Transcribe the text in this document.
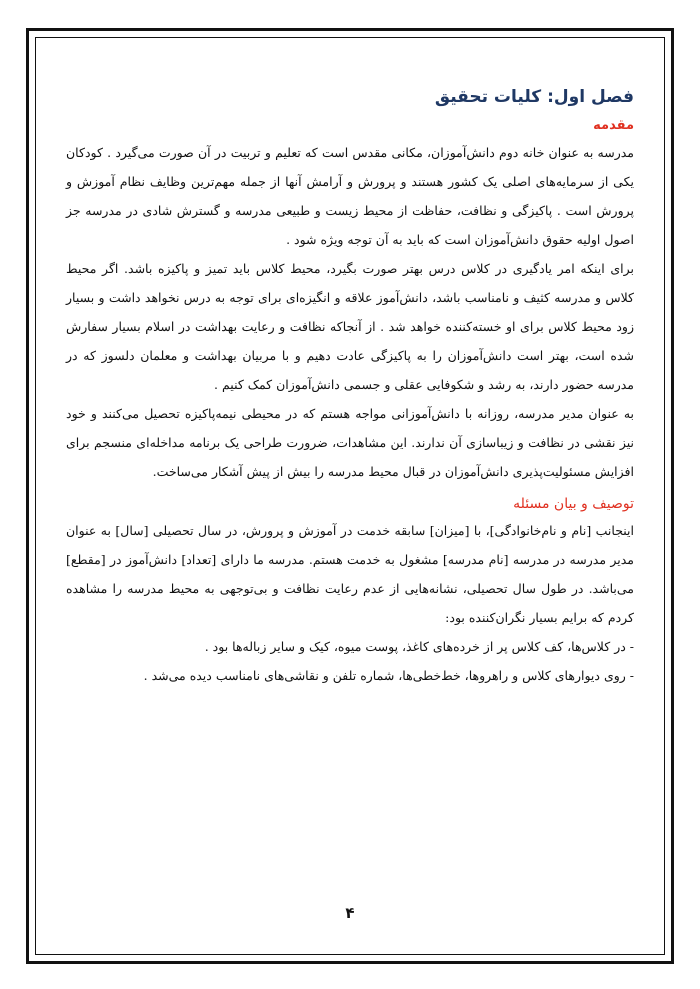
فصل اول: کلیات تحقیق
مقدمه

مدرسه به عنوان خانه دوم دانش‌آموزان، مکانی مقدس است که تعلیم و تربیت در آن صورت می‌گیرد . کودکان یکی از سرمایه‌های اصلی یک کشور هستند و پرورش و آرامش آنها از جمله مهم‌ترین وظایف نظام آموزش و پرورش است . پاکیزگی و نظافت، حفاظت از محیط زیست و طبیعی مدرسه و گسترش شادی در مدرسه جز اصول اولیه حقوق دانش‌آموزان است که باید به آن توجه ویژه شود .

برای اینکه امر یادگیری در کلاس درس بهتر صورت بگیرد، محیط کلاس باید تمیز و پاکیزه باشد. اگر محیط کلاس و مدرسه کثیف و نامناسب باشد، دانش‌آموز علاقه و انگیزه‌ای برای توجه به درس نخواهد داشت و بسیار زود محیط کلاس برای او خسته‌کننده خواهد شد . از آنجاکه نظافت و رعایت بهداشت در اسلام بسیار سفارش شده است، بهتر است دانش‌آموزان را به پاکیزگی عادت دهیم و با مربیان بهداشت و معلمان دلسوز که در مدرسه حضور دارند، به رشد و شکوفایی عقلی و جسمی دانش‌آموزان کمک کنیم .

به عنوان مدیر مدرسه، روزانه با دانش‌آموزانی مواجه هستم که در محیطی نیمه‌پاکیزه تحصیل می‌کنند و خود نیز نقشی در نظافت و زیباسازی آن ندارند. این مشاهدات، ضرورت طراحی یک برنامه مداخله‌ای منسجم برای افزایش مسئولیت‌پذیری دانش‌آموزان در قبال محیط مدرسه را بیش از پیش آشکار می‌ساخت.

توصیف و بیان مسئله

اینجانب [نام و نام‌خانوادگی]، با [میزان] سابقه خدمت در آموزش و پرورش، در سال تحصیلی [سال] به عنوان مدیر مدرسه در مدرسه [نام مدرسه] مشغول به خدمت هستم. مدرسه ما دارای [تعداد] دانش‌آموز در [مقطع] می‌باشد. در طول سال تحصیلی، نشانه‌هایی از عدم رعایت نظافت و بی‌توجهی به محیط مدرسه را مشاهده کردم که برایم بسیار نگران‌کننده بود:

- در کلاس‌ها، کف کلاس پر از خرده‌های کاغذ، پوست میوه، کیک و سایر زباله‌ها بود .
- روی دیوارهای کلاس و راهروها، خط‌خطی‌ها، شماره تلفن و نقاشی‌های نامناسب دیده می‌شد .
۴
